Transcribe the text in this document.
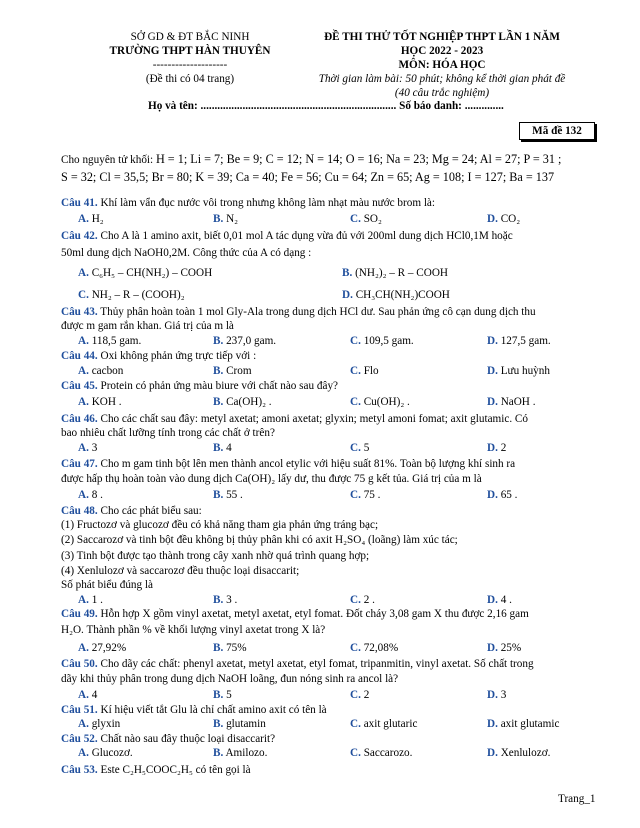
SỞ GD & ĐT BẮC NINH
TRƯỜNG THPT HÀN THUYÊN
--------------------
(Đề thi có 04 trang)
ĐỀ THI THỬ TỐT NGHIỆP THPT LẦN 1 NĂM
HỌC 2022 - 2023
MÔN: HÓA HỌC
Thời gian làm bài: 50 phút; không kể thời gian phát đề
(40 câu trắc nghiệm)
Họ và tên: ...................................................................... Số báo danh: ..............
Mã đề 132
Cho nguyên tử khối: H = 1; Li = 7; Be = 9; C = 12; N = 14; O = 16; Na = 23; Mg = 24; Al = 27; P = 31 ;
S = 32; Cl = 35,5; Br = 80; K = 39; Ca = 40; Fe = 56; Cu = 64; Zn = 65; Ag = 108; I = 127; Ba = 137
Câu 41. Khí làm vẩn đục nước vôi trong nhưng không làm nhạt màu nước brom là:
A. H₂	B. N₂	C. SO₂	D. CO₂
Câu 42. Cho A là 1 amino axit, biết 0,01 mol A tác dụng vừa đủ với 200ml dung dịch HCl0,1M hoặc
50ml dung dịch NaOH0,2M. Công thức của A có dạng :
A. C₆H₅ – CH(NH₂) – COOH	B. (NH₂)₂ – R – COOH
C. NH₂ – R – (COOH)₂	D. CH₃CH(NH₂)COOH
Câu 43. Thủy phân hoàn toàn 1 mol Gly-Ala trong dung dịch HCl dư. Sau phản ứng cô cạn dung dịch thu
được m gam rắn khan. Giá trị của m là
A. 118,5 gam.	B. 237,0 gam.	C. 109,5 gam.	D. 127,5 gam.
Câu 44. Oxi không phản ứng trực tiếp với :
A. cacbon	B. Crom	C. Flo	D. Lưu huỳnh
Câu 45. Protein có phản ứng màu biure với chất nào sau đây?
A. KOH .	B. Ca(OH)₂ .	C. Cu(OH)₂ .	D. NaOH .
Câu 46. Cho các chất sau đây: metyl axetat; amoni axetat; glyxin; metyl amoni fomat; axit glutamic. Có
bao nhiêu chất lưỡng tính trong các chất ở trên?
A. 3	B. 4	C. 5	D. 2
Câu 47. Cho m gam tinh bột lên men thành ancol etylic với hiệu suất 81%. Toàn bộ lượng khí sinh ra
được hấp thụ hoàn toàn vào dung dịch Ca(OH)₂ lấy dư, thu được 75 g kết tủa. Giá trị của m là
A. 8 .	B. 55 .	C. 75 .	D. 65 .
Câu 48. Cho các phát biểu sau:
(1) Fructozơ và glucozơ đều có khả năng tham gia phản ứng tráng bạc;
(2) Saccarozơ và tinh bột đều không bị thủy phân khi có axit H₂SO₄ (loãng) làm xúc tác;
(3) Tinh bột được tạo thành trong cây xanh nhờ quá trình quang hợp;
(4) Xenlulozơ và saccarozơ đều thuộc loại disaccarit;
Số phát biểu đúng là
A. 1 .	B. 3 .	C. 2 .	D. 4 .
Câu 49. Hỗn hợp X gồm vinyl axetat, metyl axetat, etyl fomat. Đốt cháy 3,08 gam X thu được 2,16 gam
H₂O. Thành phần % về khối lượng vinyl axetat trong X là?
A. 27,92%	B. 75%	C. 72,08%	D. 25%
Câu 50. Cho dãy các chất: phenyl axetat, metyl axetat, etyl fomat, tripanmitin, vinyl axetat. Số chất trong
dãy khi thủy phân trong dung dịch NaOH loãng, đun nóng sinh ra ancol là?
A. 4	B. 5	C. 2	D. 3
Câu 51. Kí hiệu viết tắt Glu là chỉ chất amino axit có tên là
A. glyxin	B. glutamin	C. axit glutaric	D. axit glutamic
Câu 52. Chất nào sau đây thuộc loại disaccarit?
A. Glucozơ.	B. Amilozo.	C. Saccarozo.	D. Xenlulozơ.
Câu 53. Este C₂H₅COOC₂H₅ có tên gọi là
Trang_1
